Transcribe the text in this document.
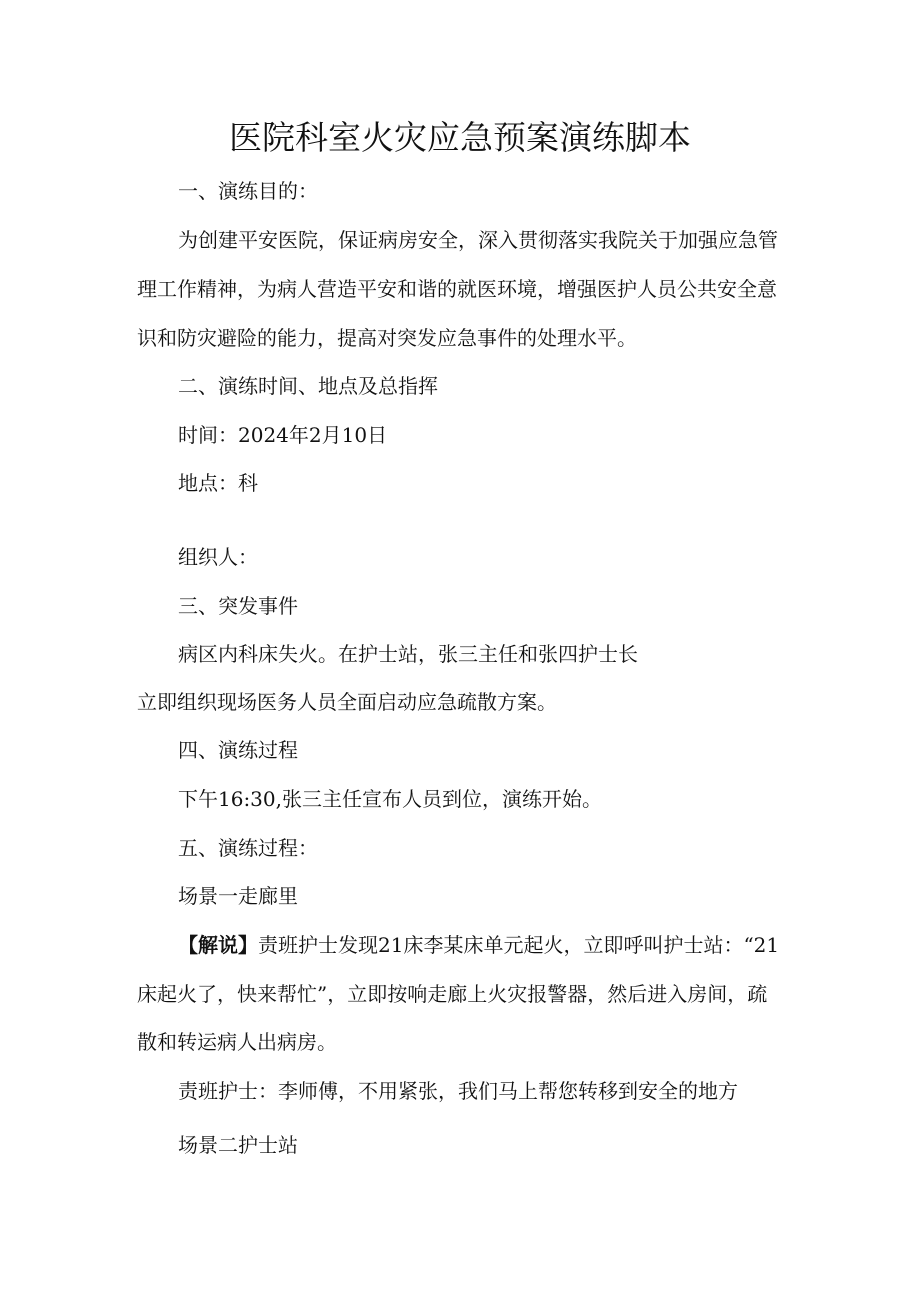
医院科室火灾应急预案演练脚本
一、演练目的：
为创建平安医院，保证病房安全，深入贯彻落实我院关于加强应急管
理工作精神，为病人营造平安和谐的就医环境，增强医护人员公共安全意
识和防灾避险的能力，提高对突发应急事件的处理水平。
二、演练时间、地点及总指挥
时间：2024年2月10日
地点：科
组织人：
三、突发事件
病区内科床失火。在护士站，张三主任和张四护士长
立即组织现场医务人员全面启动应急疏散方案。
四、演练过程
下午16:30,张三主任宣布人员到位，演练开始。
五、演练过程：
场景一走廊里
【解说】责班护士发现21床李某床单元起火，立即呼叫护士站：“21
床起火了，快来帮忙”，立即按响走廊上火灾报警器，然后进入房间，疏
散和转运病人出病房。
责班护士：李师傅，不用紧张，我们马上帮您转移到安全的地方
场景二护士站
